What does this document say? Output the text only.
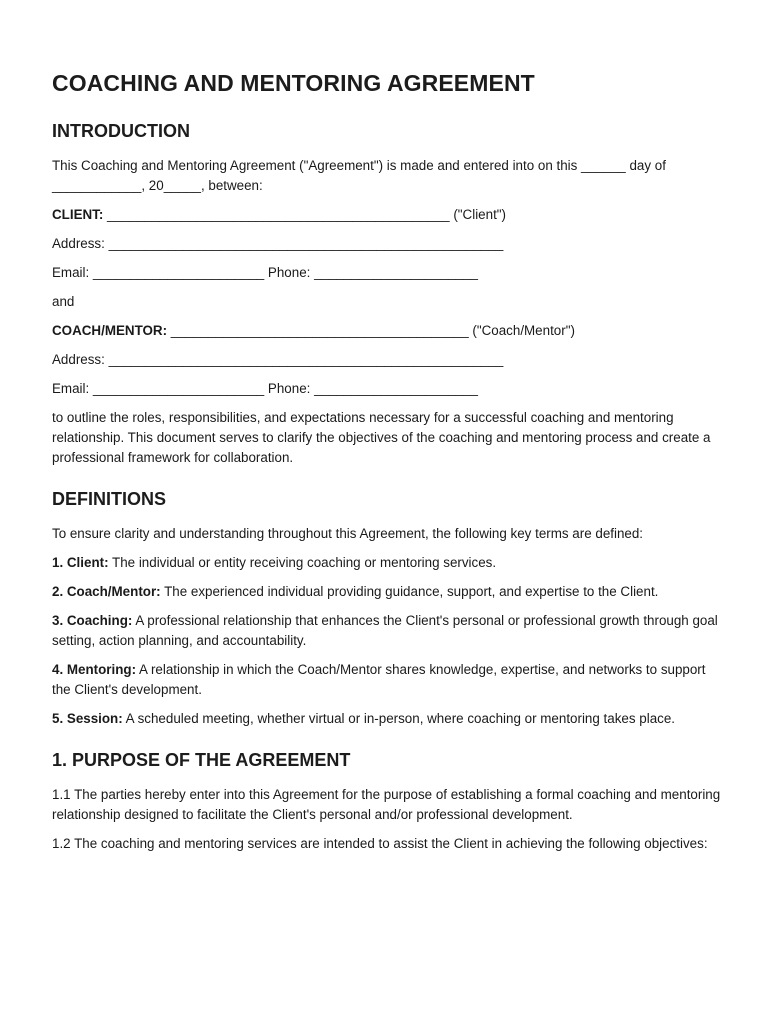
COACHING AND MENTORING AGREEMENT
INTRODUCTION

This Coaching and Mentoring Agreement ("Agreement") is made and entered into on this ______ day of ____________, 20_____, between:

CLIENT: ______________________________________________ ("Client")

Address: _____________________________________________________

Email: _______________________ Phone: ______________________

and

COACH/MENTOR: ________________________________________ ("Coach/Mentor")

Address: _____________________________________________________

Email: _______________________ Phone: ______________________

to outline the roles, responsibilities, and expectations necessary for a successful coaching and mentoring relationship. This document serves to clarify the objectives of the coaching and mentoring process and create a professional framework for collaboration.

DEFINITIONS

To ensure clarity and understanding throughout this Agreement, the following key terms are defined:

1. Client: The individual or entity receiving coaching or mentoring services.

2. Coach/Mentor: The experienced individual providing guidance, support, and expertise to the Client.

3. Coaching: A professional relationship that enhances the Client's personal or professional growth through goal setting, action planning, and accountability.

4. Mentoring: A relationship in which the Coach/Mentor shares knowledge, expertise, and networks to support the Client's development.

5. Session: A scheduled meeting, whether virtual or in-person, where coaching or mentoring takes place.

1. PURPOSE OF THE AGREEMENT

1.1 The parties hereby enter into this Agreement for the purpose of establishing a formal coaching and mentoring relationship designed to facilitate the Client's personal and/or professional development.

1.2 The coaching and mentoring services are intended to assist the Client in achieving the following objectives:
